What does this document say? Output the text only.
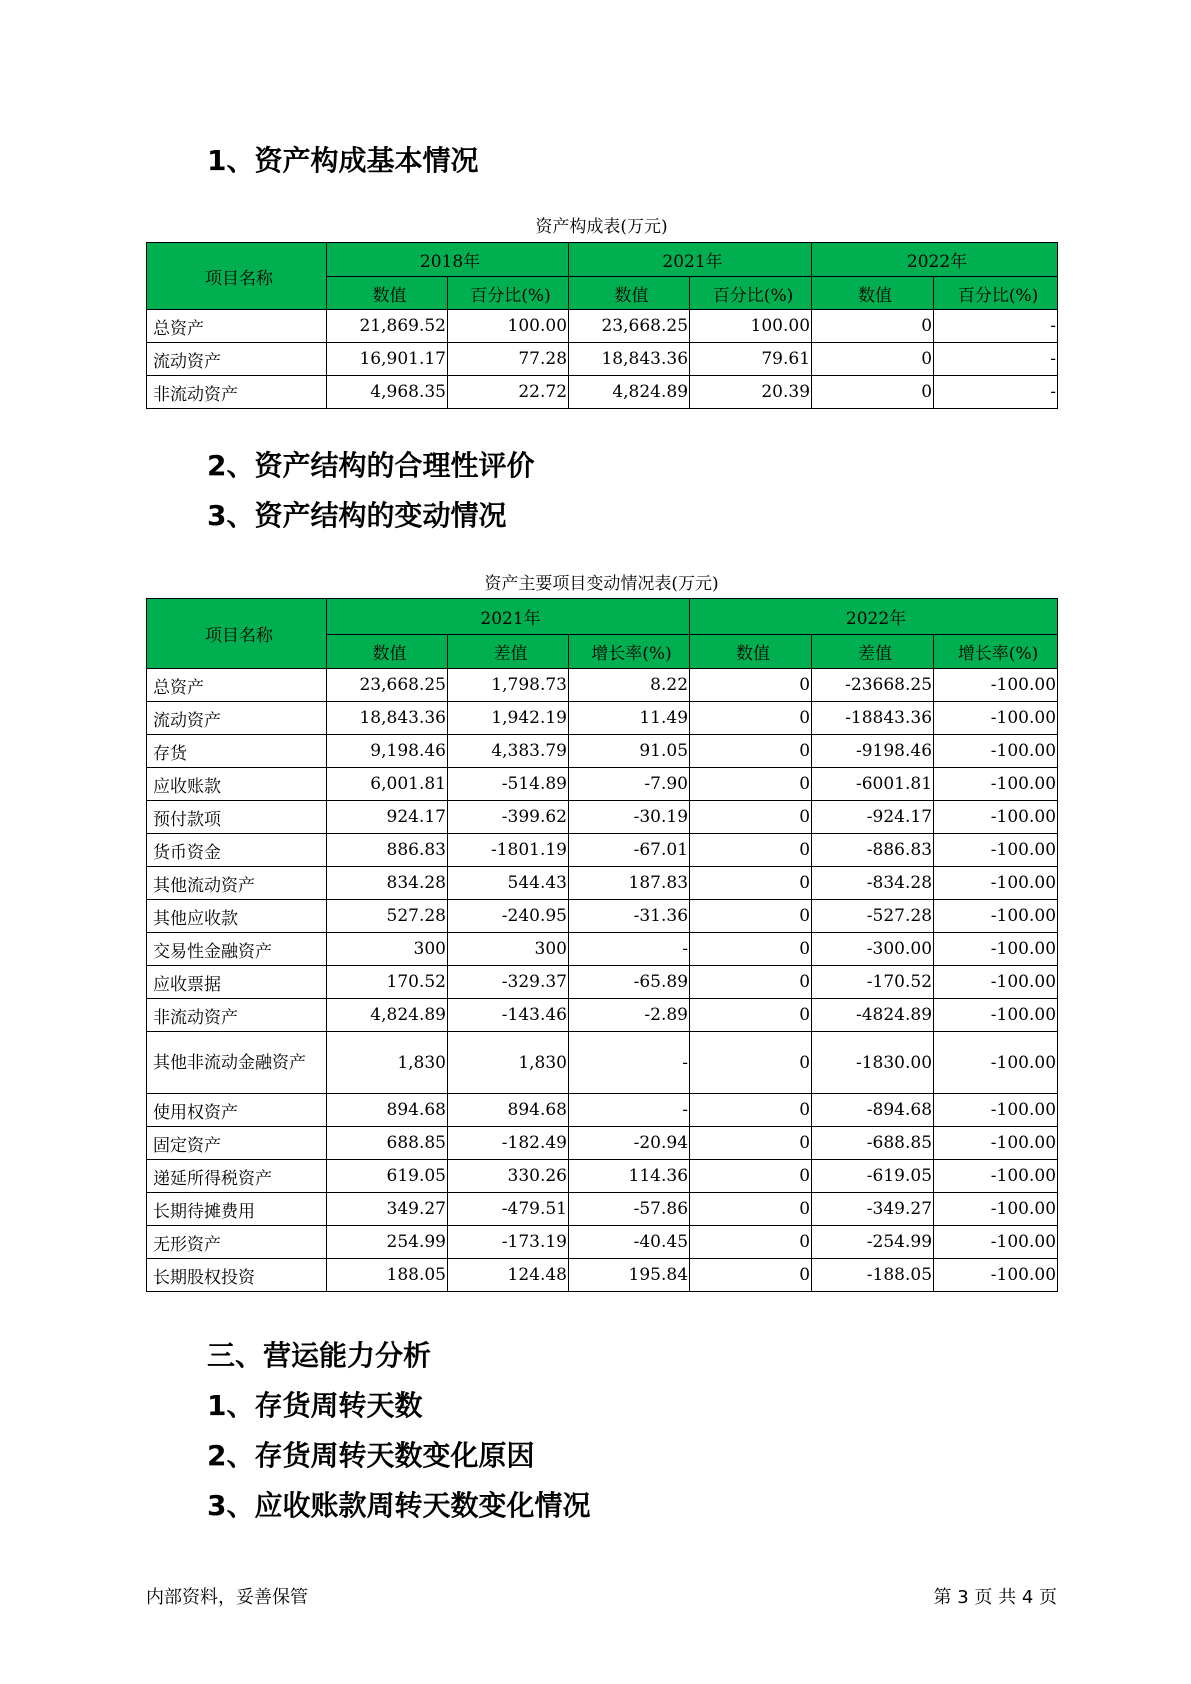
1、资产构成基本情况
资产构成表(万元)
项目名称	2018年		2021年		2022年	
	数值	百分比(%)	数值	百分比(%)	数值	百分比(%)
总资产	21,869.52	100.00	23,668.25	100.00	0	-
流动资产	16,901.17	77.28	18,843.36	79.61	0	-
非流动资产	4,968.35	22.72	4,824.89	20.39	0	-
2、资产结构的合理性评价
3、资产结构的变动情况
资产主要项目变动情况表(万元)
项目名称	2021年			2022年		
	数值	差值	增长率(%)	数值	差值	增长率(%)
总资产	23,668.25	1,798.73	8.22	0	-23668.25	-100.00
流动资产	18,843.36	1,942.19	11.49	0	-18843.36	-100.00
存货	9,198.46	4,383.79	91.05	0	-9198.46	-100.00
应收账款	6,001.81	-514.89	-7.90	0	-6001.81	-100.00
预付款项	924.17	-399.62	-30.19	0	-924.17	-100.00
货币资金	886.83	-1801.19	-67.01	0	-886.83	-100.00
其他流动资产	834.28	544.43	187.83	0	-834.28	-100.00
其他应收款	527.28	-240.95	-31.36	0	-527.28	-100.00
交易性金融资产	300	300	-	0	-300.00	-100.00
应收票据	170.52	-329.37	-65.89	0	-170.52	-100.00
非流动资产	4,824.89	-143.46	-2.89	0	-4824.89	-100.00
其他非流动金融资产	1,830	1,830	-	0	-1830.00	-100.00
使用权资产	894.68	894.68	-	0	-894.68	-100.00
固定资产	688.85	-182.49	-20.94	0	-688.85	-100.00
递延所得税资产	619.05	330.26	114.36	0	-619.05	-100.00
长期待摊费用	349.27	-479.51	-57.86	0	-349.27	-100.00
无形资产	254.99	-173.19	-40.45	0	-254.99	-100.00
长期股权投资	188.05	124.48	195.84	0	-188.05	-100.00
三、营运能力分析
1、存货周转天数
2、存货周转天数变化原因
3、应收账款周转天数变化情况
内部资料，妥善保管	第 3 页 共 4 页
